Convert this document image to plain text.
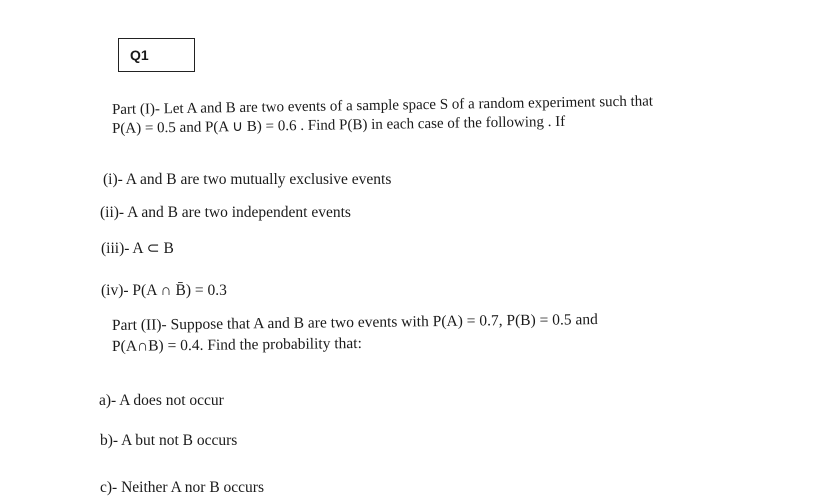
Q1
Part (I)- Let A and B are two events of a sample space S of a random experiment such that
P(A) = 0.5 and P(A ∪ B) = 0.6 . Find P(B) in each case of the following . If
(i)- A and B are two mutually exclusive events
(ii)- A and B are two independent events
(iii)- A ⊂ B
(iv)- P(A ∩ B̄) = 0.3
Part (II)- Suppose that A and B are two events with P(A) = 0.7, P(B) = 0.5 and
P(A∩B) = 0.4. Find the probability that:
a)- A does not occur
b)- A but not B occurs
c)- Neither A nor B occurs
